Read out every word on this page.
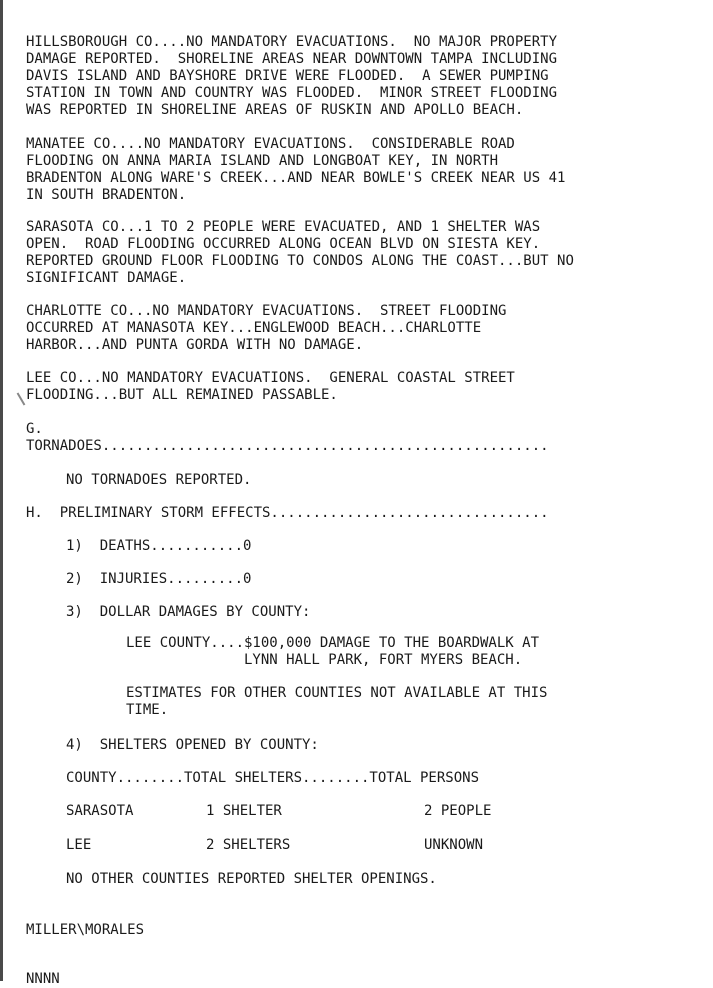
HILLSBOROUGH CO....NO MANDATORY EVACUATIONS.  NO MAJOR PROPERTY
DAMAGE REPORTED.  SHORELINE AREAS NEAR DOWNTOWN TAMPA INCLUDING
DAVIS ISLAND AND BAYSHORE DRIVE WERE FLOODED.  A SEWER PUMPING
STATION IN TOWN AND COUNTRY WAS FLOODED.  MINOR STREET FLOODING
WAS REPORTED IN SHORELINE AREAS OF RUSKIN AND APOLLO BEACH.
MANATEE CO....NO MANDATORY EVACUATIONS.  CONSIDERABLE ROAD
FLOODING ON ANNA MARIA ISLAND AND LONGBOAT KEY, IN NORTH
BRADENTON ALONG WARE'S CREEK...AND NEAR BOWLE'S CREEK NEAR US 41
IN SOUTH BRADENTON.
SARASOTA CO...1 TO 2 PEOPLE WERE EVACUATED, AND 1 SHELTER WAS
OPEN.  ROAD FLOODING OCCURRED ALONG OCEAN BLVD ON SIESTA KEY.
REPORTED GROUND FLOOR FLOODING TO CONDOS ALONG THE COAST...BUT NO
SIGNIFICANT DAMAGE.
CHARLOTTE CO...NO MANDATORY EVACUATIONS.  STREET FLOODING
OCCURRED AT MANASOTA KEY...ENGLEWOOD BEACH...CHARLOTTE
HARBOR...AND PUNTA GORDA WITH NO DAMAGE.
LEE CO...NO MANDATORY EVACUATIONS.  GENERAL COASTAL STREET
FLOODING...BUT ALL REMAINED PASSABLE.
G.
TORNADOES.....................................................
NO TORNADOES REPORTED.
H.  PRELIMINARY STORM EFFECTS.................................
1)  DEATHS...........0
2)  INJURIES.........0
3)  DOLLAR DAMAGES BY COUNTY:
LEE COUNTY....$100,000 DAMAGE TO THE BOARDWALK AT
LYNN HALL PARK, FORT MYERS BEACH.
ESTIMATES FOR OTHER COUNTIES NOT AVAILABLE AT THIS
TIME.
4)  SHELTERS OPENED BY COUNTY:
COUNTY........TOTAL SHELTERS........TOTAL PERSONS
SARASOTA	1 SHELTER	2 PEOPLE
LEE	2 SHELTERS	UNKNOWN
NO OTHER COUNTIES REPORTED SHELTER OPENINGS.
MILLER\MORALES
NNNN
